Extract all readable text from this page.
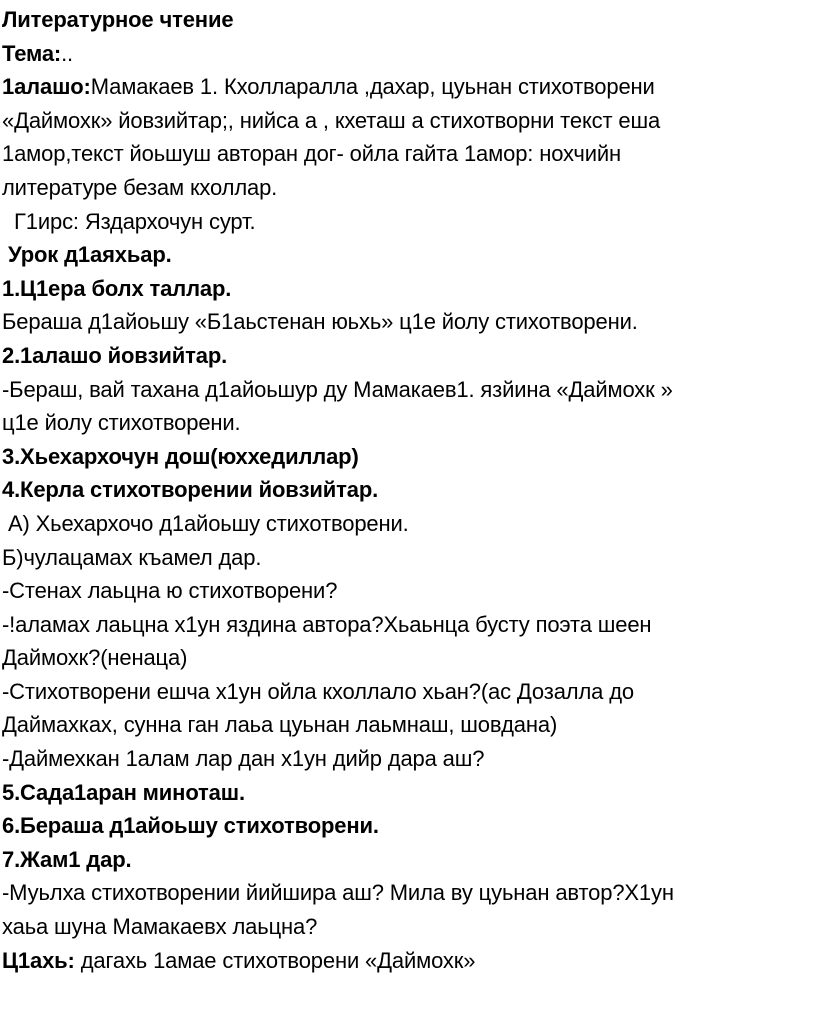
Литературное чтение
Тема:..
1алашо:Мамакаев 1. Кхолларалла ,дахар, цуьнан стихотворени
«Даймохк» йовзийтар;, нийса а , кхеташ а стихотворни текст еша
1амор,текст йоьшуш авторан дог- ойла гайта 1амор: нохчийн
литературе безам кхоллар.
Г1ирс: Яздархочун сурт.
Урок д1аяхьар.
1.Ц1ера болх таллар.
Бераша д1айоьшу «Б1аьстенан юьхь» ц1е йолу стихотворени.
2.1алашо йовзийтар.
-Бераш, вай тахана д1айоьшур ду Мамакаев1. язйина «Даймохк »
ц1е йолу стихотворени.
3.Хьехархочун дош(юххедиллар)
4.Керла стихотворении йовзийтар.
А) Хьехархочо д1айоьшу стихотворени.
Б)чулацамах къамел дар.
-Стенах лаьцна ю стихотворени?
-!аламах лаьцна х1ун яздина автора?Хьаьнца бусту поэта шеен
Даймохк?(ненаца)
-Стихотворени ешча х1ун ойла кхоллало хьан?(ас Дозалла до
Даймахках, сунна ган лаьа цуьнан лаьмнаш, шовдана)
-Даймехкан 1алам лар дан х1ун дийр дара аш?
5.Сада1аран миноташ.
6.Бераша д1айоьшу стихотворени.
7.Жам1 дар.
-Муьлха стихотворении йийшира аш? Мила ву цуьнан автор?Х1ун
хаьа шуна Мамакаевх лаьцна?
Ц1ахь: дагахь 1амае стихотворени «Даймохк»
